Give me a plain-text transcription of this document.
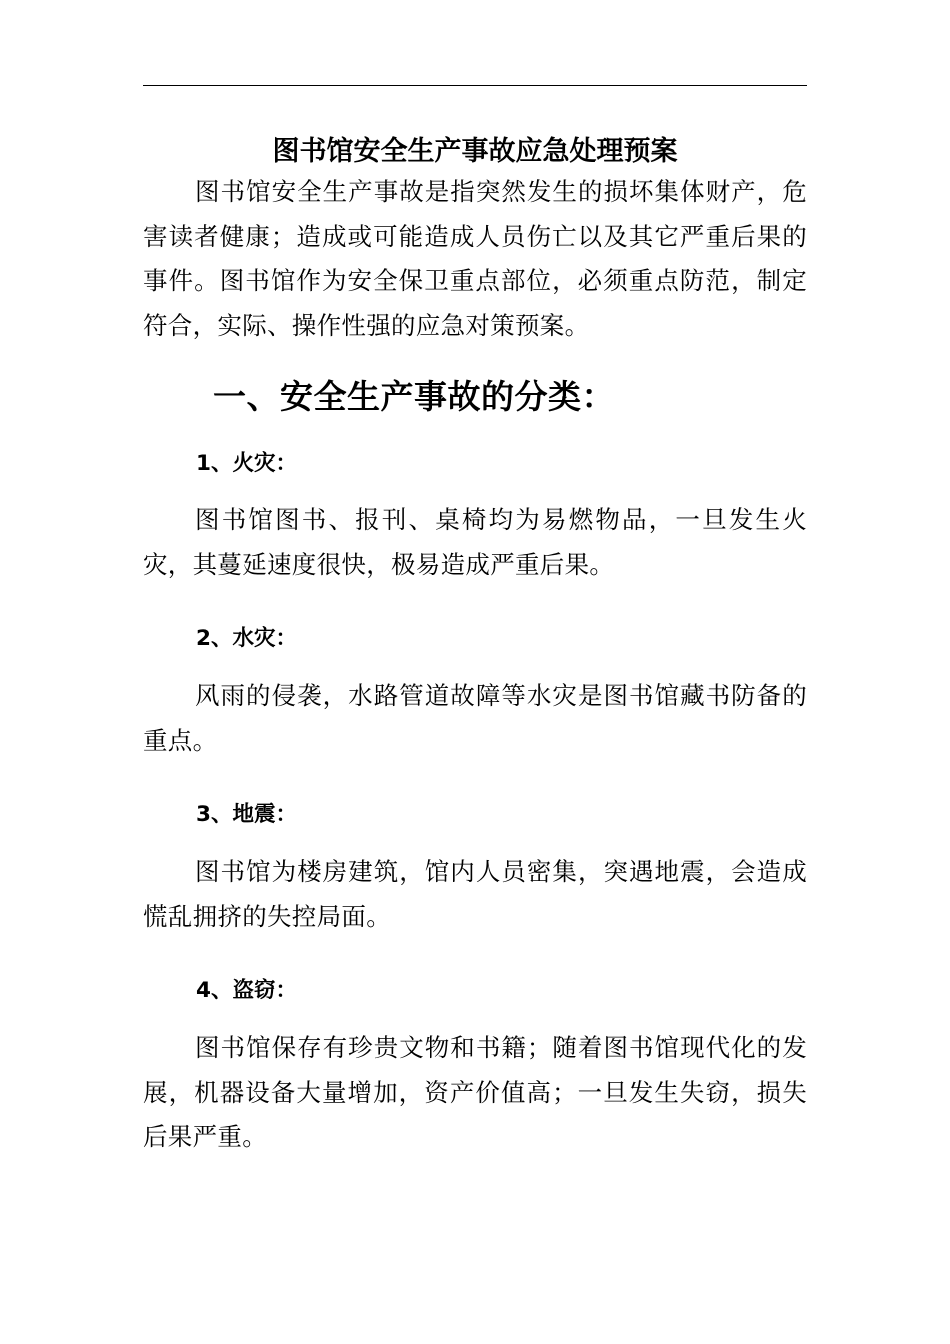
图书馆安全生产事故应急处理预案

图书馆安全生产事故是指突然发生的损坏集体财产，危害读者健康；造成或可能造成人员伤亡以及其它严重后果的事件。图书馆作为安全保卫重点部位，必须重点防范，制定符合，实际、操作性强的应急对策预案。

一、安全生产事故的分类：
1、火灾：

图书馆图书、报刊、桌椅均为易燃物品，一旦发生火灾，其蔓延速度很快，极易造成严重后果。

2、水灾：

风雨的侵袭，水路管道故障等水灾是图书馆藏书防备的重点。

3、地震：

图书馆为楼房建筑，馆内人员密集，突遇地震，会造成慌乱拥挤的失控局面。

4、盗窃：

图书馆保存有珍贵文物和书籍；随着图书馆现代化的发展，机器设备大量增加，资产价值高；一旦发生失窃，损失后果严重。
